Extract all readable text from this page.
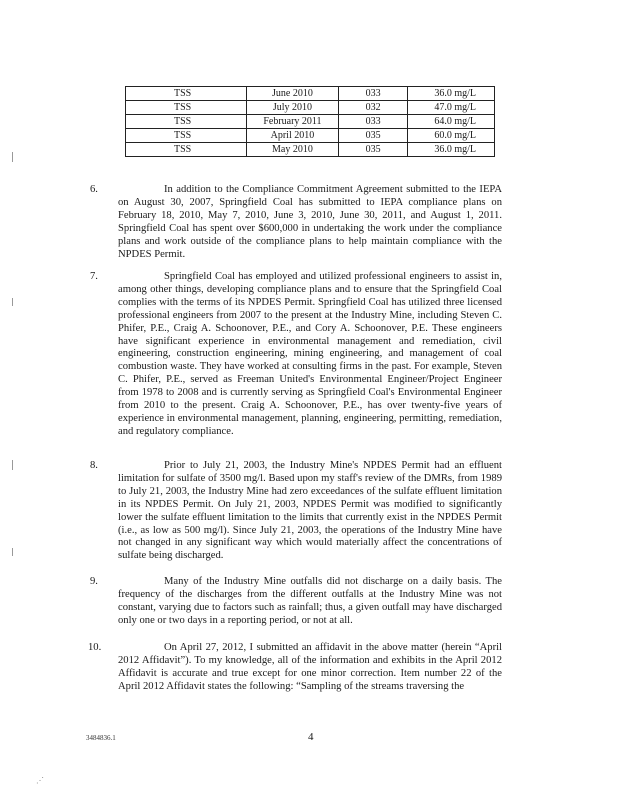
TSS	June 2010	033	36.0 mg/L
TSS	July 2010	032	47.0 mg/L
TSS	February 2011	033	64.0 mg/L
TSS	April 2010	035	60.0 mg/L
TSS	May 2010	035	36.0 mg/L
6.	In addition to the Compliance Commitment Agreement submitted to the IEPA on August 30, 2007, Springfield Coal has submitted to IEPA compliance plans on February 18, 2010, May 7, 2010, June 3, 2010, June 30, 2011, and August 1, 2011. Springfield Coal has spent over $600,000 in undertaking the work under the compliance plans and work outside of the compliance plans to help maintain compliance with the NPDES Permit.

7.	Springfield Coal has employed and utilized professional engineers to assist in, among other things, developing compliance plans and to ensure that the Springfield Coal complies with the terms of its NPDES Permit. Springfield Coal has utilized three licensed professional engineers from 2007 to the present at the Industry Mine, including Steven C. Phifer, P.E., Craig A. Schoonover, P.E., and Cory A. Schoonover, P.E. These engineers have significant experience in environmental management and remediation, civil engineering, construction engineering, mining engineering, and management of coal combustion waste. They have worked at consulting firms in the past. For example, Steven C. Phifer, P.E., served as Freeman United's Environmental Engineer/Project Engineer from 1978 to 2008 and is currently serving as Springfield Coal's Environmental Engineer from 2010 to the present. Craig A. Schoonover, P.E., has over twenty-five years of experience in environmental management, planning, engineering, permitting, remediation, and regulatory compliance.

8.	Prior to July 21, 2003, the Industry Mine's NPDES Permit had an effluent limitation for sulfate of 3500 mg/l. Based upon my staff's review of the DMRs, from 1989 to July 21, 2003, the Industry Mine had zero exceedances of the sulfate effluent limitation in its NPDES Permit. On July 21, 2003, NPDES Permit was modified to significantly lower the sulfate effluent limitation to the limits that currently exist in the NPDES Permit (i.e., as low as 500 mg/l). Since July 21, 2003, the operations of the Industry Mine have not changed in any significant way which would materially affect the concentrations of sulfate being discharged.

9.	Many of the Industry Mine outfalls did not discharge on a daily basis. The frequency of the discharges from the different outfalls at the Industry Mine was not constant, varying due to factors such as rainfall; thus, a given outfall may have discharged only one or two days in a reporting period, or not at all.

10.	On April 27, 2012, I submitted an affidavit in the above matter (herein “April 2012 Affidavit”). To my knowledge, all of the information and exhibits in the April 2012 Affidavit is accurate and true except for one minor correction. Item number 22 of the April 2012 Affidavit states the following: “Sampling of the streams traversing the

3484836.1	4
⋰
